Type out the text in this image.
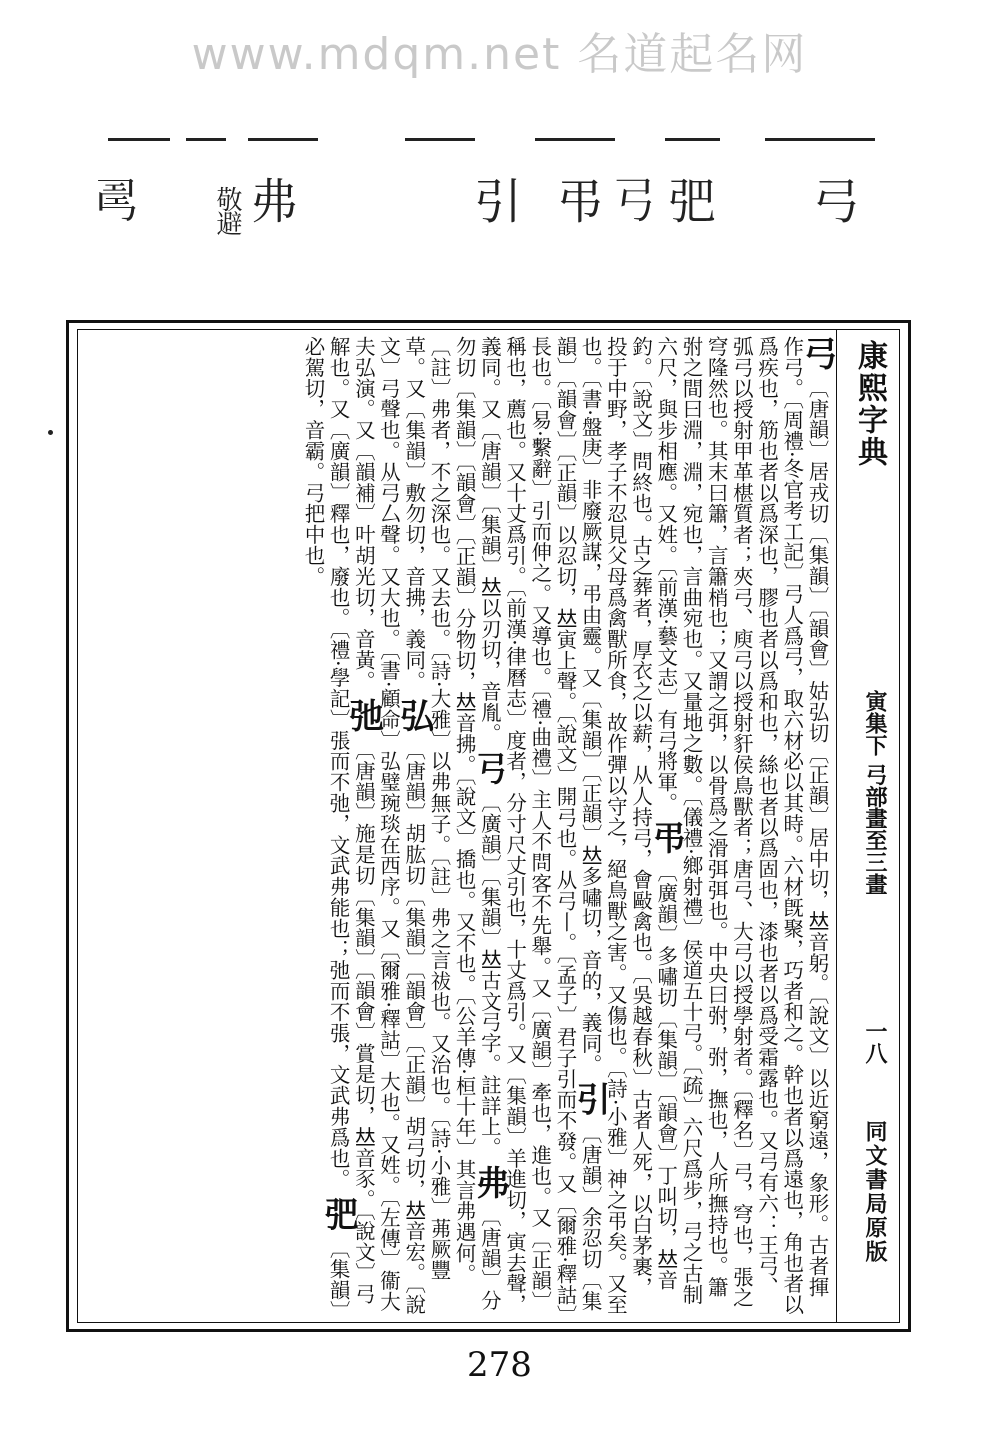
www.mdqm.net 名道起名网
𢏚	敬避 弗	引 弔 𢎗 弝 弓
弓 〔唐韻〕居戎切〔集韻〕〔韻會〕姑弘切〔正韻〕居中切，𠀤音躬。〔說文〕以近窮遠，象形。古者揮作弓。〔周禮·冬官考工記〕弓人爲弓，取六材必以其時。六材旣聚，巧者和之。幹也者以爲遠也，角也者以爲疾也，筋也者以爲深也，膠也者以爲和也，絲也者以爲固也，漆也者以爲受霜露也。又弓有六：王弓、弧弓以授射甲革椹質者；夾弓、庾弓以授射豻侯鳥獸者；唐弓、大弓以授學射者。〔釋名〕弓，穹也，張之穹隆然也。其末曰簫，言簫梢也；又謂之弭，以骨爲之滑弭弭也。中央曰弣，弣，撫也，人所撫持也。簫弣之間曰淵，淵，宛也，言曲宛也。又量地之數。〔儀禮·鄉射禮〕侯道五十弓。〔疏〕六尺爲步，弓之古制六尺，與步相應。又姓。〔前漢·藝文志〕有弓將軍。 弔 〔廣韻〕多嘯切〔集韻〕〔韻會〕丁叫切，𠀤音釣。〔說文〕問終也。古之葬者，厚衣之以薪，从人持弓，會敺禽也。〔吳越春秋〕古者人死，以白茅裹，投于中野，孝子不忍見父母爲禽獸所食，故作彈以守之，絕鳥獸之害。又傷也。〔詩·小雅〕神之弔矣。又至也。〔書·盤庚〕非廢厥謀，弔由靈。又〔集韻〕〔正韻〕𠀤多嘯切，音的，義同。 引 〔唐韻〕余忍切〔集韻〕〔韻會〕〔正韻〕以忍切，𠀤寅上聲。〔說文〕開弓也。从弓丨。〔孟子〕君子引而不發。又〔爾雅·釋詁〕長也。〔易·繫辭〕引而伸之。又導也。〔禮·曲禮〕主人不問客不先舉。又〔廣韻〕牽也，進也。又〔正韻〕稱也，薦也。又十丈爲引。〔前漢·律曆志〕度者，分寸尺丈引也，十丈爲引。又〔集韻〕羊進切，寅去聲，義同。又〔唐韻〕〔集韻〕𠀤以刃切，音胤。 𢎗 〔廣韻〕〔集韻〕𠀤古文弓字。註詳上。 弗 〔唐韻〕分勿切〔集韻〕〔韻會〕〔正韻〕分物切，𠀤音拂。〔說文〕撟也。又不也。〔公羊傳·桓十年〕其言弗遇何。〔註〕弗者，不之深也。又去也。〔詩·大雅〕以弗無子。〔註〕弗之言祓也。又治也。〔詩·小雅〕茀厥豐草。又〔集韻〕敷勿切，音拂，義同。 弘 〔唐韻〕胡肱切〔集韻〕〔韻會〕〔正韻〕胡弓切，𠀤音宏。〔說文〕弓聲也。从弓厶聲。又大也。〔書·顧命〕弘璧琬琰在西序。又〔爾雅·釋詁〕大也。又姓。〔左傳〕衞大夫弘演。又〔韻補〕叶胡光切，音黃。 弛 〔唐韻〕施是切〔集韻〕〔韻會〕賞是切，𠀤音豕。〔說文〕弓解也。又〔廣韻〕釋也，廢也。〔禮·學記〕張而不弛，文武弗能也；弛而不張，文武弗爲也。 弝 〔集韻〕必駕切，音霸。弓把中也。	康熙字典
寅集下 弓部
一畫至三畫
一八
同文書局原版
278
